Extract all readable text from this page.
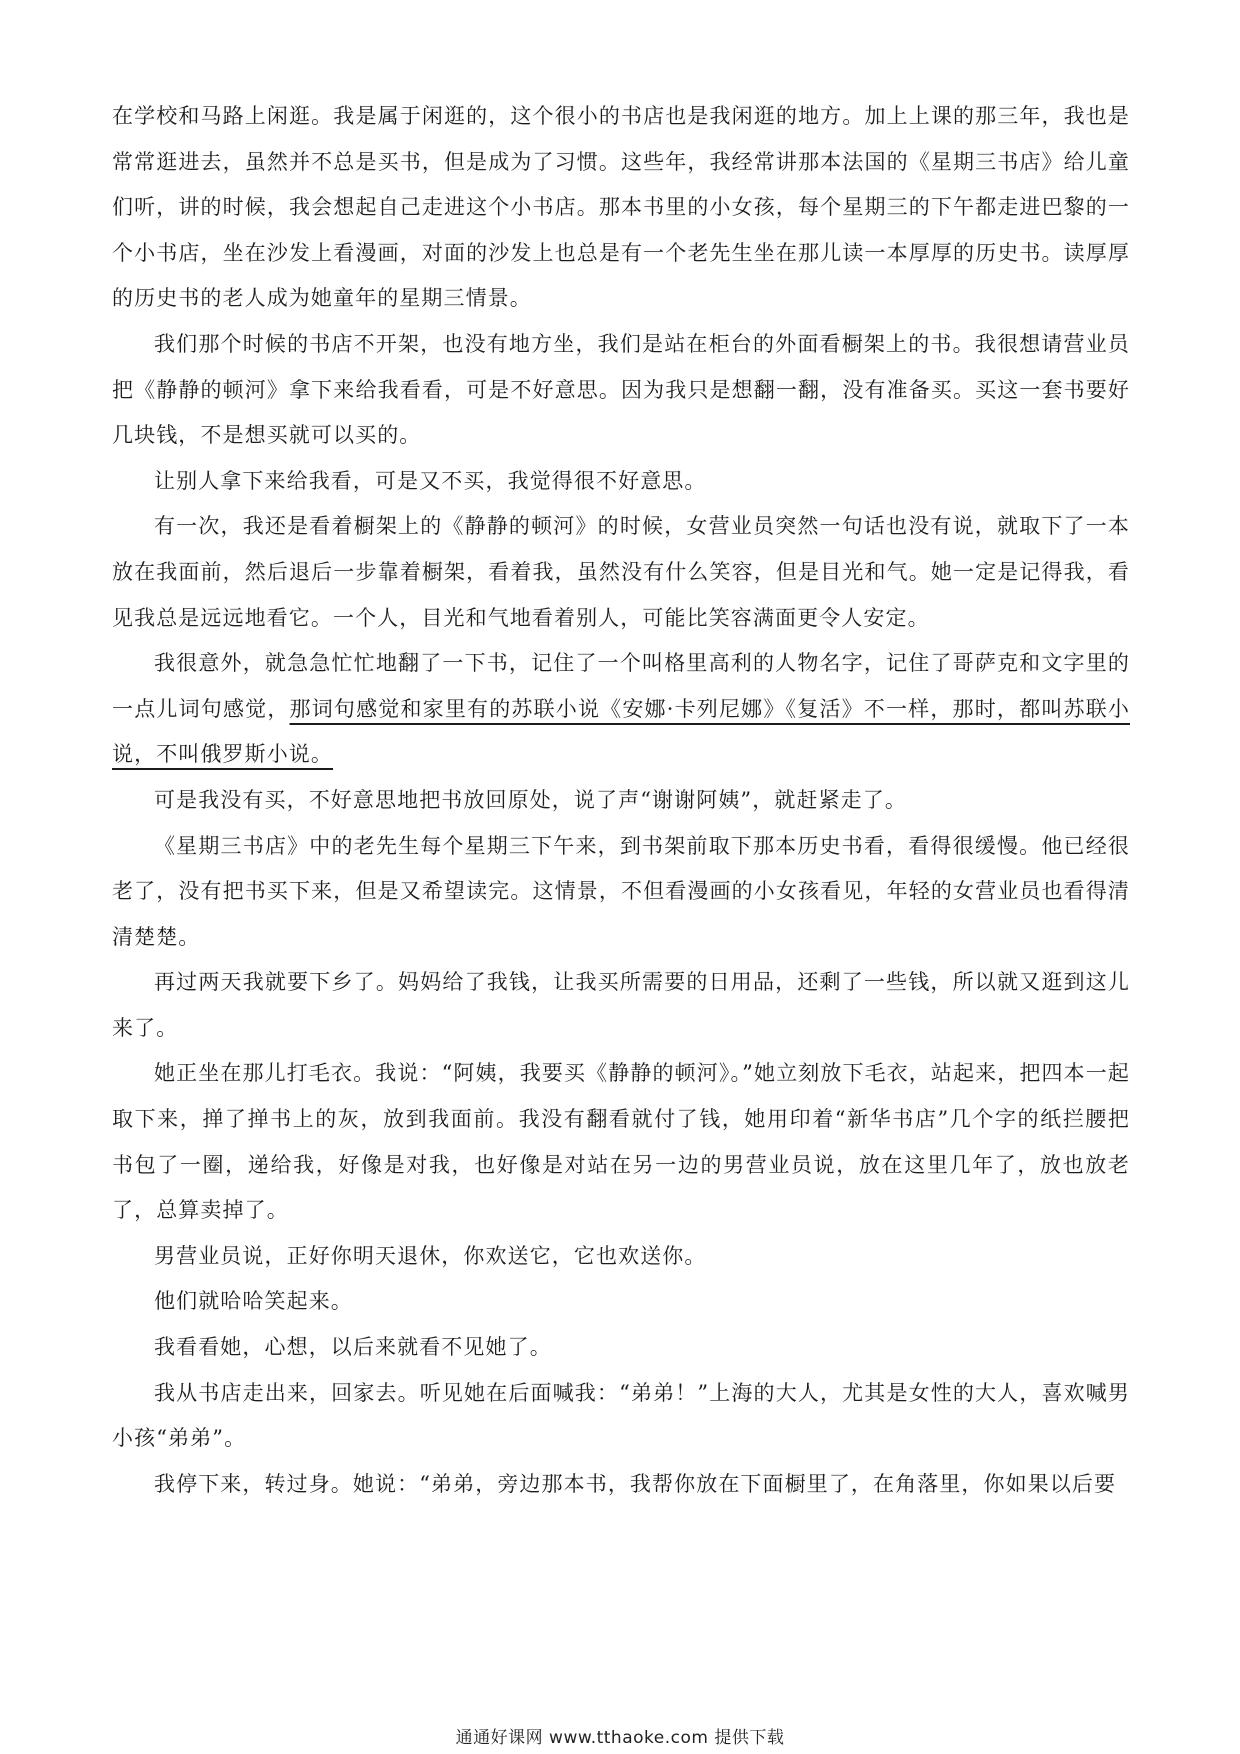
在学校和马路上闲逛。我是属于闲逛的，这个很小的书店也是我闲逛的地方。加上上课的那三年，我也是常常逛进去，虽然并不总是买书，但是成为了习惯。这些年，我经常讲那本法国的《星期三书店》给儿童们听，讲的时候，我会想起自己走进这个小书店。那本书里的小女孩，每个星期三的下午都走进巴黎的一个小书店，坐在沙发上看漫画，对面的沙发上也总是有一个老先生坐在那儿读一本厚厚的历史书。读厚厚的历史书的老人成为她童年的星期三情景。

我们那个时候的书店不开架，也没有地方坐，我们是站在柜台的外面看橱架上的书。我很想请营业员把《静静的顿河》拿下来给我看看，可是不好意思。因为我只是想翻一翻，没有准备买。买这一套书要好几块钱，不是想买就可以买的。

让别人拿下来给我看，可是又不买，我觉得很不好意思。

有一次，我还是看着橱架上的《静静的顿河》的时候，女营业员突然一句话也没有说，就取下了一本放在我面前，然后退后一步靠着橱架，看着我，虽然没有什么笑容，但是目光和气。她一定是记得我，看见我总是远远地看它。一个人，目光和气地看着别人，可能比笑容满面更令人安定。

我很意外，就急急忙忙地翻了一下书，记住了一个叫格里高利的人物名字，记住了哥萨克和文字里的一点儿词句感觉，那词句感觉和家里有的苏联小说《安娜·卡列尼娜》《复活》不一样，那时，都叫苏联小说，不叫俄罗斯小说。

可是我没有买，不好意思地把书放回原处，说了声“谢谢阿姨”，就赶紧走了。

《星期三书店》中的老先生每个星期三下午来，到书架前取下那本历史书看，看得很缓慢。他已经很老了，没有把书买下来，但是又希望读完。这情景，不但看漫画的小女孩看见，年轻的女营业员也看得清清楚楚。

再过两天我就要下乡了。妈妈给了我钱，让我买所需要的日用品，还剩了一些钱，所以就又逛到这儿来了。

她正坐在那儿打毛衣。我说：“阿姨，我要买《静静的顿河》。”她立刻放下毛衣，站起来，把四本一起取下来，掸了掸书上的灰，放到我面前。我没有翻看就付了钱，她用印着“新华书店”几个字的纸拦腰把书包了一圈，递给我，好像是对我，也好像是对站在另一边的男营业员说，放在这里几年了，放也放老了，总算卖掉了。

男营业员说，正好你明天退休，你欢送它，它也欢送你。

他们就哈哈笑起来。

我看看她，心想，以后来就看不见她了。

我从书店走出来，回家去。听见她在后面喊我：“弟弟！”上海的大人，尤其是女性的大人，喜欢喊男小孩“弟弟”。

我停下来，转过身。她说：“弟弟，旁边那本书，我帮你放在下面橱里了，在角落里，你如果以后要

通通好课网 www.tthaoke.com 提供下载
